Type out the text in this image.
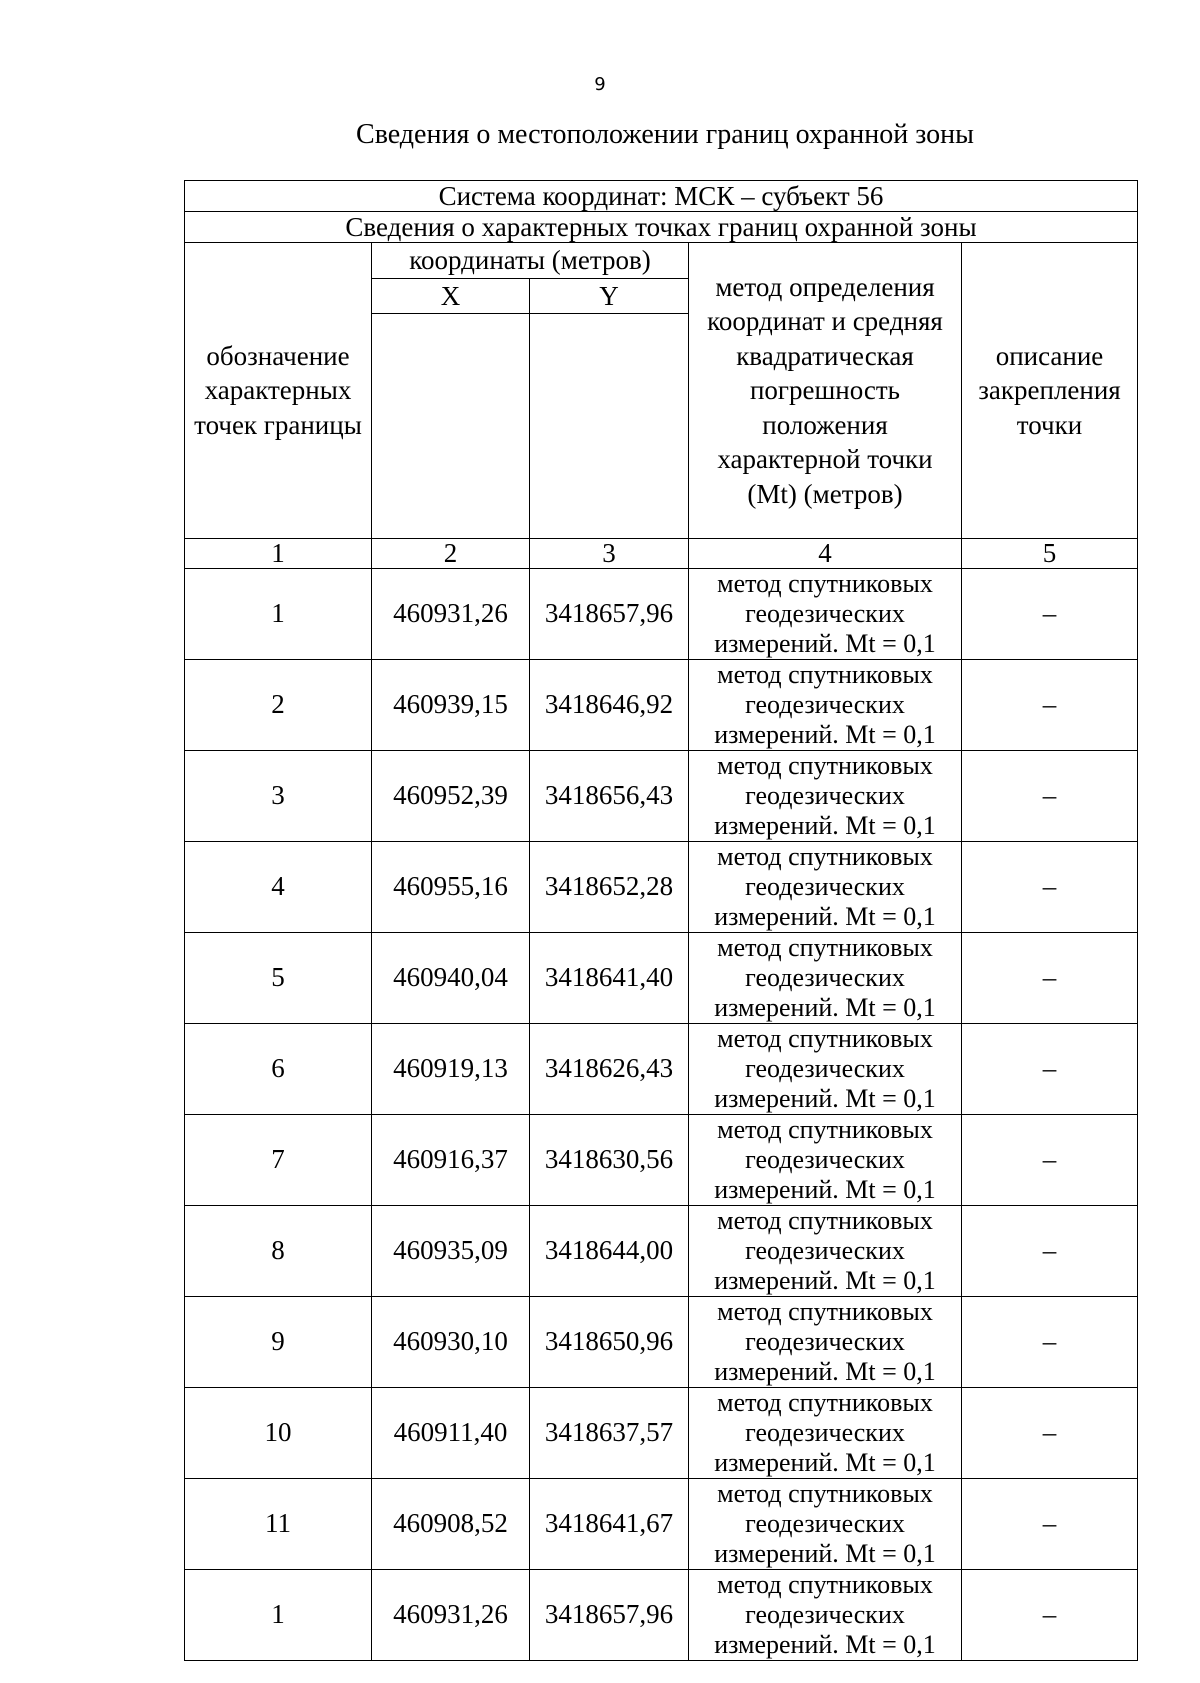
9
Сведения о местоположении границ охранной зоны
Система координат: МСК – субъект 56				
Сведения о характерных точках границ охранной зоны				
обозначение характерных точек границы	координаты (метров)		метод определения координат и средняя квадратическая погрешность положения характерной точки (Mt) (метров)	описание закрепления точки
	X	Y		

1	2	3	4	5
1	460931,26	3418657,96	метод спутниковых геодезических измерений. Mt = 0,1	–
2	460939,15	3418646,92	метод спутниковых геодезических измерений. Mt = 0,1	–
3	460952,39	3418656,43	метод спутниковых геодезических измерений. Mt = 0,1	–
4	460955,16	3418652,28	метод спутниковых геодезических измерений. Mt = 0,1	–
5	460940,04	3418641,40	метод спутниковых геодезических измерений. Mt = 0,1	–
6	460919,13	3418626,43	метод спутниковых геодезических измерений. Mt = 0,1	–
7	460916,37	3418630,56	метод спутниковых геодезических измерений. Mt = 0,1	–
8	460935,09	3418644,00	метод спутниковых геодезических измерений. Mt = 0,1	–
9	460930,10	3418650,96	метод спутниковых геодезических измерений. Mt = 0,1	–
10	460911,40	3418637,57	метод спутниковых геодезических измерений. Mt = 0,1	–
11	460908,52	3418641,67	метод спутниковых геодезических измерений. Mt = 0,1	–
1	460931,26	3418657,96	метод спутниковых геодезических измерений. Mt = 0,1	–
